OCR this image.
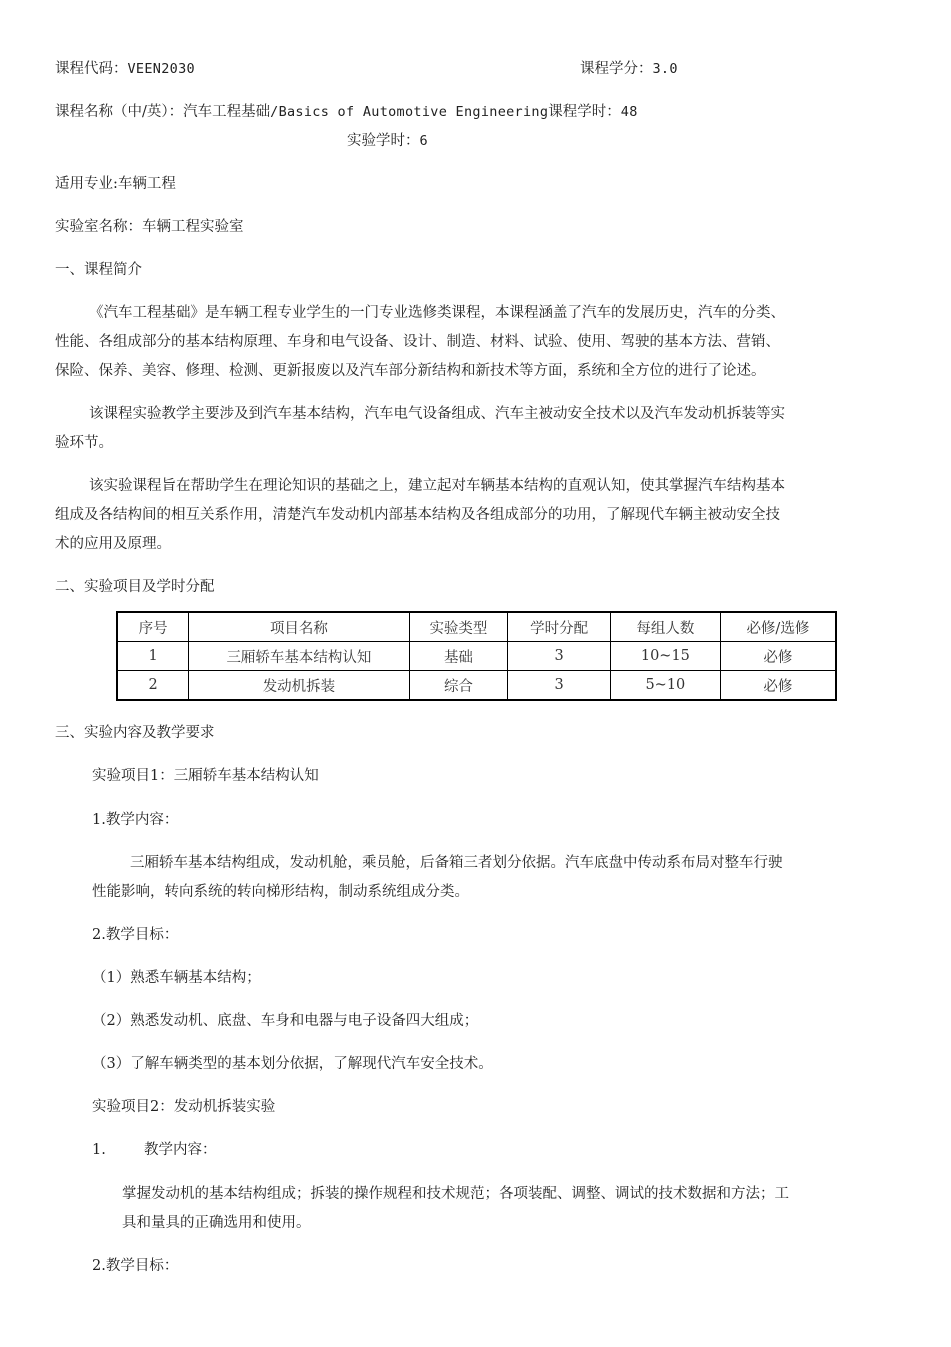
课程代码：VEEN2030	课程学分：3.0
课程名称（中/英）：汽车工程基础/Basics of Automotive Engineering课程学时：48
实验学时：6
适用专业:车辆工程
实验室名称：车辆工程实验室
一、课程简介
《汽车工程基础》是车辆工程专业学生的一门专业选修类课程，本课程涵盖了汽车的发展历史，汽车的分类、
性能、各组成部分的基本结构原理、车身和电气设备、设计、制造、材料、试验、使用、驾驶的基本方法、营销、
保险、保养、美容、修理、检测、更新报废以及汽车部分新结构和新技术等方面，系统和全方位的进行了论述。
该课程实验教学主要涉及到汽车基本结构，汽车电气设备组成、汽车主被动安全技术以及汽车发动机拆装等实
验环节。
该实验课程旨在帮助学生在理论知识的基础之上，建立起对车辆基本结构的直观认知，使其掌握汽车结构基本
组成及各结构间的相互关系作用，清楚汽车发动机内部基本结构及各组成部分的功用，了解现代车辆主被动安全技
术的应用及原理。
二、实验项目及学时分配
序号	项目名称	实验类型	学时分配	每组人数	必修/选修
1	三厢轿车基本结构认知	基础	3	10~15	必修
2	发动机拆装	综合	3	5~10	必修
三、实验内容及教学要求
实验项目1：三厢轿车基本结构认知
1.教学内容：
三厢轿车基本结构组成，发动机舱，乘员舱，后备箱三者划分依据。汽车底盘中传动系布局对整车行驶
性能影响，转向系统的转向梯形结构，制动系统组成分类。
2.教学目标：
（1）熟悉车辆基本结构；
（2）熟悉发动机、底盘、车身和电器与电子设备四大组成；
（3）了解车辆类型的基本划分依据，了解现代汽车安全技术。
实验项目2：发动机拆装实验
1.	教学内容：
掌握发动机的基本结构组成；拆装的操作规程和技术规范；各项装配、调整、调试的技术数据和方法；工
具和量具的正确选用和使用。
2.教学目标：
